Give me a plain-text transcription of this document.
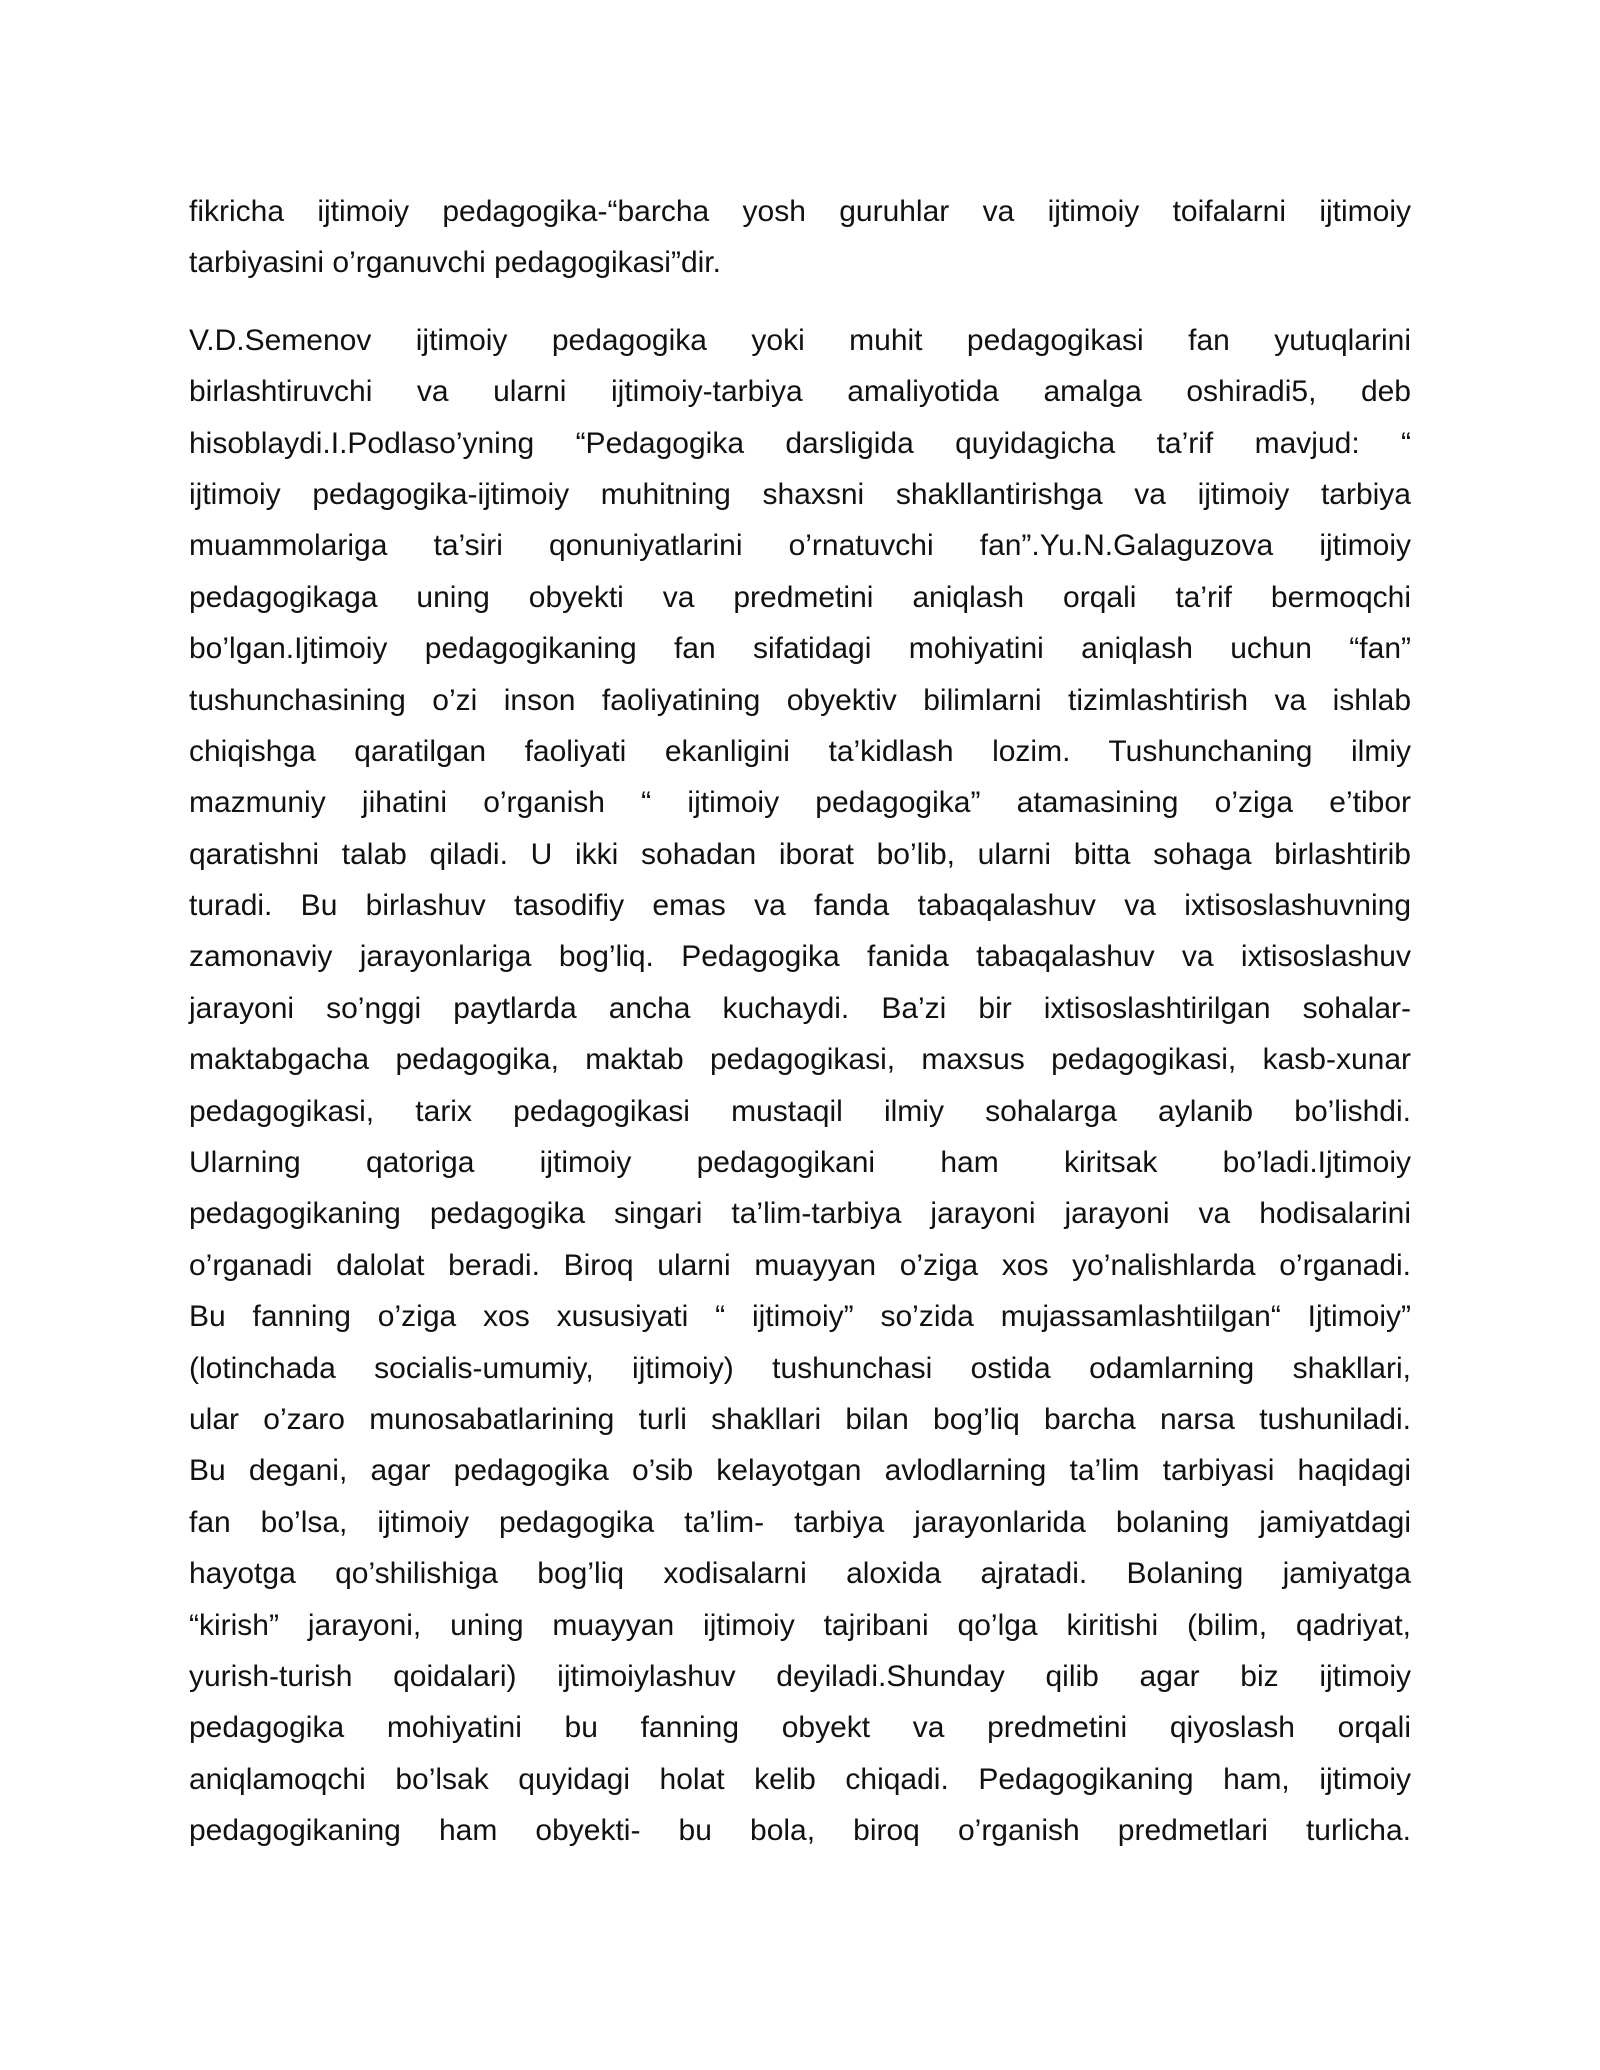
fikricha ijtimoiy pedagogika-“barcha yosh guruhlar va ijtimoiy toifalarni ijtimoiy
tarbiyasini o’rganuvchi pedagogikasi”dir.
V.D.Semenov ijtimoiy pedagogika yoki muhit pedagogikasi fan yutuqlarini
birlashtiruvchi va ularni ijtimoiy-tarbiya amaliyotida amalga oshiradi5, deb
hisoblaydi.I.Podlaso’yning “Pedagogika darsligida quyidagicha ta’rif mavjud: “
ijtimoiy pedagogika-ijtimoiy muhitning shaxsni shakllantirishga va ijtimoiy tarbiya
muammolariga ta’siri qonuniyatlarini o’rnatuvchi fan”.Yu.N.Galaguzova ijtimoiy
pedagogikaga uning obyekti va predmetini aniqlash orqali ta’rif bermoqchi
bo’lgan.Ijtimoiy pedagogikaning fan sifatidagi mohiyatini aniqlash uchun “fan”
tushunchasining o’zi inson faoliyatining obyektiv bilimlarni tizimlashtirish va ishlab
chiqishga qaratilgan faoliyati ekanligini ta’kidlash lozim. Tushunchaning ilmiy
mazmuniy jihatini o’rganish “ ijtimoiy pedagogika” atamasining o’ziga e’tibor
qaratishni talab qiladi. U ikki sohadan iborat bo’lib, ularni bitta sohaga birlashtirib
turadi. Bu birlashuv tasodifiy emas va fanda tabaqalashuv va ixtisoslashuvning
zamonaviy jarayonlariga bog’liq. Pedagogika fanida tabaqalashuv va ixtisoslashuv
jarayoni so’nggi paytlarda ancha kuchaydi. Ba’zi bir ixtisoslashtirilgan sohalar-
maktabgacha pedagogika, maktab pedagogikasi, maxsus pedagogikasi, kasb-xunar
pedagogikasi, tarix pedagogikasi mustaqil ilmiy sohalarga aylanib bo’lishdi.
Ularning qatoriga ijtimoiy pedagogikani ham kiritsak bo’ladi.Ijtimoiy
pedagogikaning pedagogika singari ta’lim-tarbiya jarayoni jarayoni va hodisalarini
o’rganadi dalolat beradi. Biroq ularni muayyan o’ziga xos yo’nalishlarda o’rganadi.
Bu fanning o’ziga xos xususiyati “ ijtimoiy” so’zida mujassamlashtiilgan“ Ijtimoiy”
(lotinchada socialis-umumiy, ijtimoiy) tushunchasi ostida odamlarning shakllari,
ular o’zaro munosabatlarining turli shakllari bilan bog’liq barcha narsa tushuniladi.
Bu degani, agar pedagogika o’sib kelayotgan avlodlarning ta’lim tarbiyasi haqidagi
fan bo’lsa, ijtimoiy pedagogika ta’lim- tarbiya jarayonlarida bolaning jamiyatdagi
hayotga qo’shilishiga bog’liq xodisalarni aloxida ajratadi. Bolaning jamiyatga
“kirish” jarayoni, uning muayyan ijtimoiy tajribani qo’lga kiritishi (bilim, qadriyat,
yurish-turish qoidalari) ijtimoiylashuv deyiladi.Shunday qilib agar biz ijtimoiy
pedagogika mohiyatini bu fanning obyekt va predmetini qiyoslash orqali
aniqlamoqchi bo’lsak quyidagi holat kelib chiqadi. Pedagogikaning ham, ijtimoiy
pedagogikaning ham obyekti- bu bola, biroq o’rganish predmetlari turlicha.
